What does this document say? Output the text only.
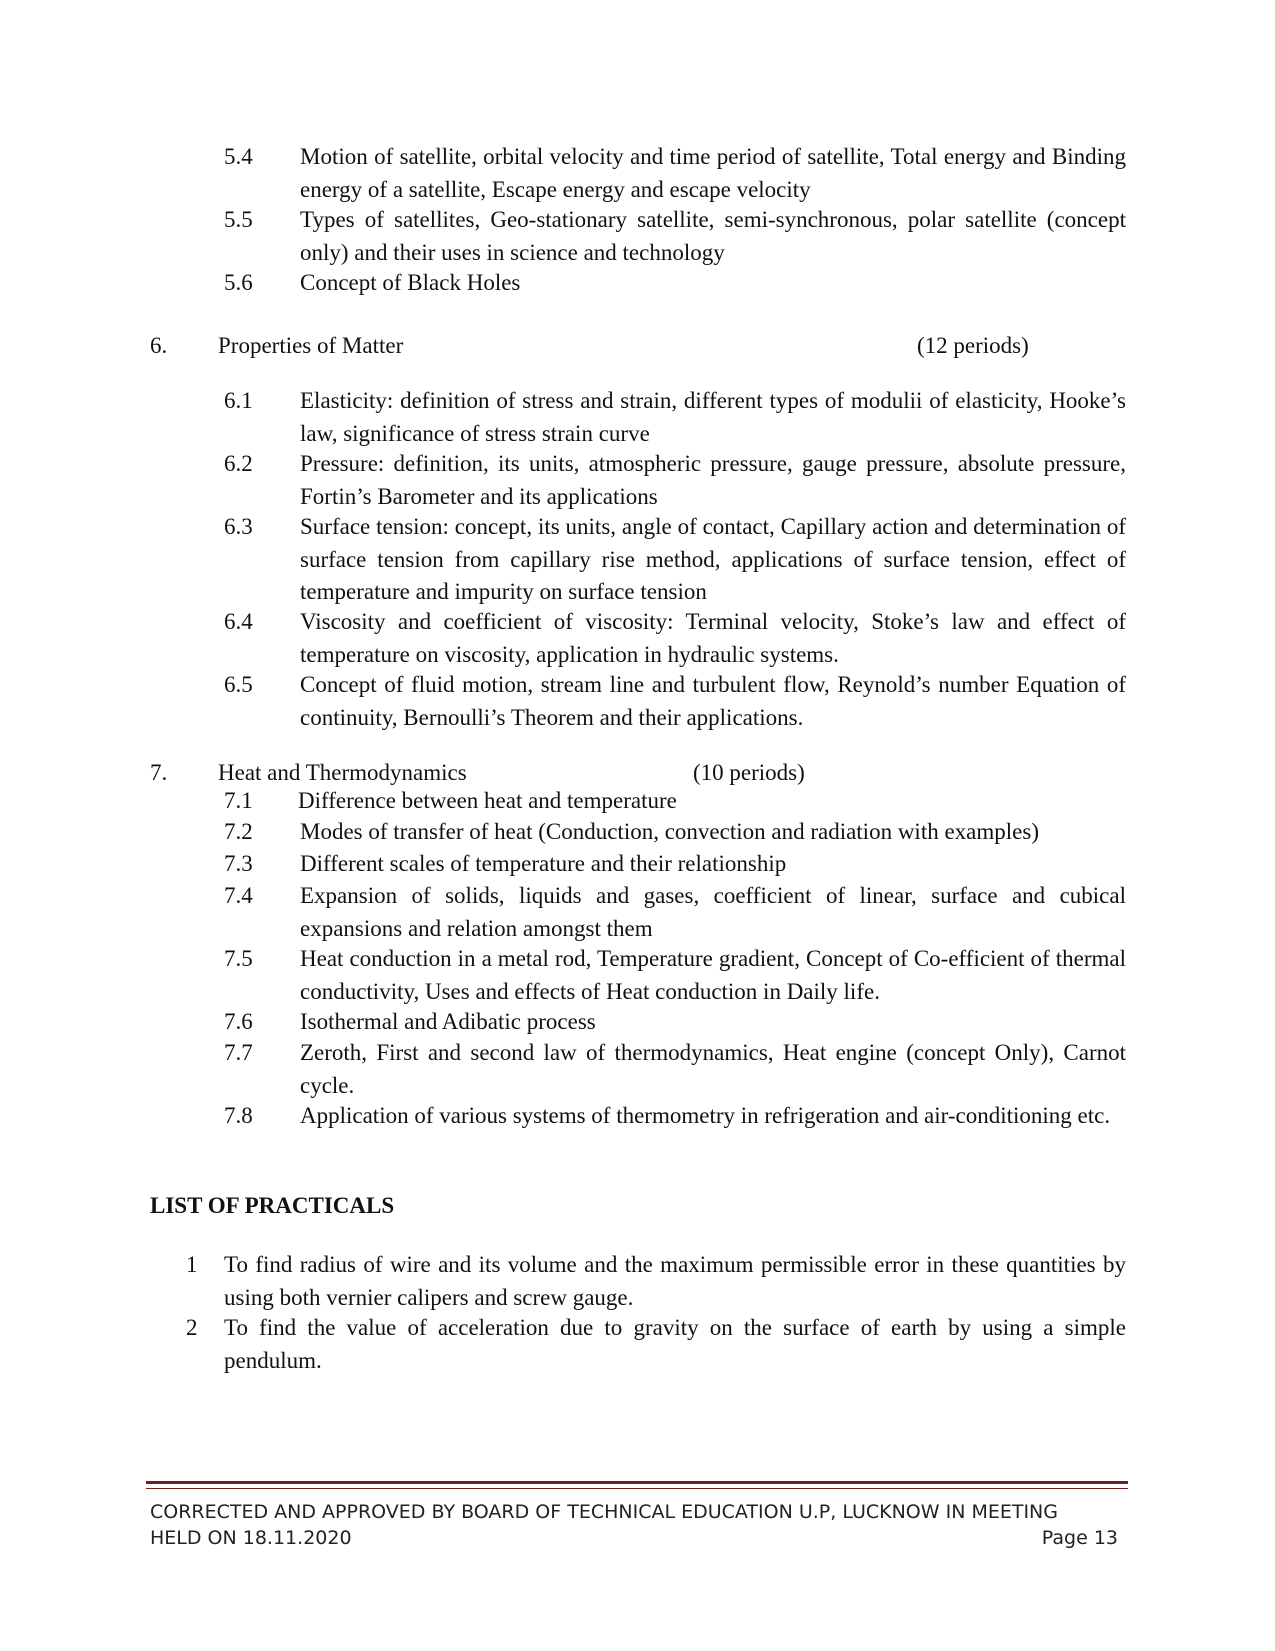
5.4	Motion of satellite, orbital velocity and time period of satellite, Total energy and Binding energy of a satellite, Escape energy and escape velocity
5.5	Types of satellites, Geo-stationary satellite, semi-synchronous, polar satellite (concept only) and their uses in science and technology
5.6	Concept of Black Holes
6. Properties of Matter	(12 periods)
6.1	Elasticity: definition of stress and strain, different types of modulii of elasticity, Hooke’s law, significance of stress strain curve
6.2	Pressure: definition, its units, atmospheric pressure, gauge pressure, absolute pressure, Fortin’s Barometer and its applications
6.3	Surface tension: concept, its units, angle of contact, Capillary action and determination of surface tension from capillary rise method, applications of surface tension, effect of temperature and impurity on surface tension
6.4	Viscosity and coefficient of viscosity: Terminal velocity, Stoke’s law and effect of temperature on viscosity, application in hydraulic systems.
6.5	Concept of fluid motion, stream line and turbulent flow, Reynold’s number Equation of continuity, Bernoulli’s Theorem and their applications.
7. Heat and Thermodynamics	(10 periods)
7.1	Difference between heat and temperature
7.2	Modes of transfer of heat (Conduction, convection and radiation with examples)
7.3	Different scales of temperature and their relationship
7.4	Expansion of solids, liquids and gases, coefficient of linear, surface and cubical expansions and relation amongst them
7.5	Heat conduction in a metal rod, Temperature gradient, Concept of Co-efficient of thermal conductivity, Uses and effects of Heat conduction in Daily life.
7.6	Isothermal and Adibatic process
7.7	Zeroth, First and second law of thermodynamics, Heat engine (concept Only), Carnot cycle.
7.8	Application of various systems of thermometry in refrigeration and air-conditioning etc.
LIST OF PRACTICALS
1 To find radius of wire and its volume and the maximum permissible error in these quantities by using both vernier calipers and screw gauge.
2 To find the value of acceleration due to gravity on the surface of earth by using a simple pendulum.
CORRECTED AND APPROVED BY BOARD OF TECHNICAL EDUCATION U.P, LUCKNOW IN MEETING
HELD ON 18.11.2020	Page 13
